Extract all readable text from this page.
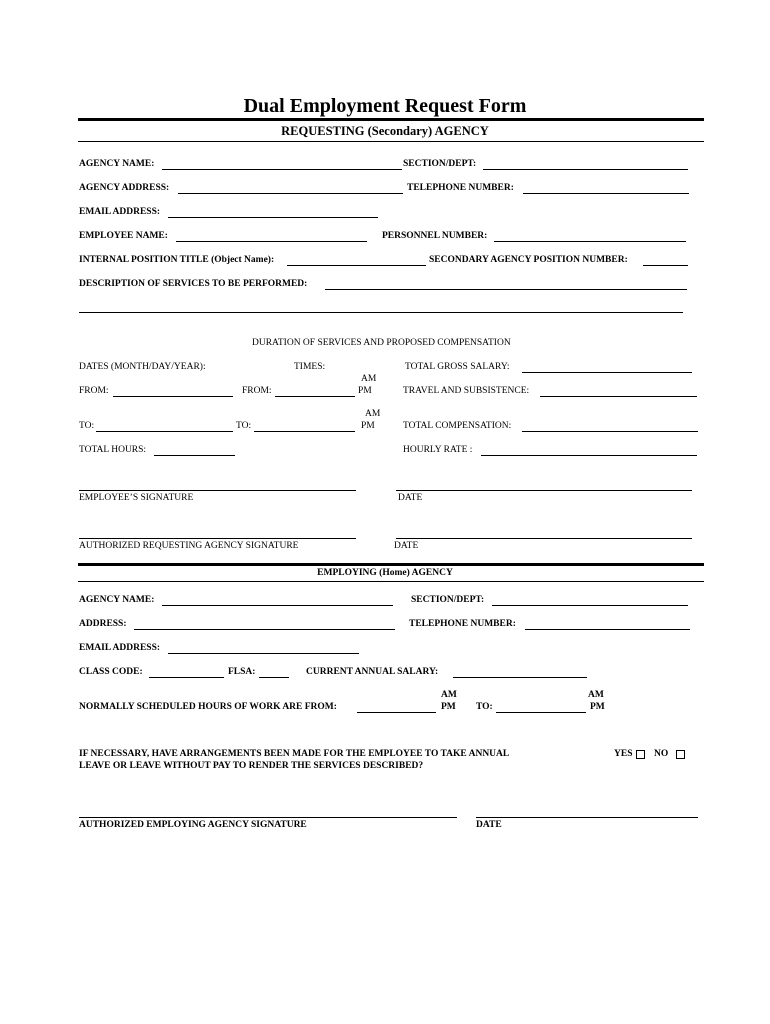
Dual Employment Request Form
REQUESTING (Secondary) AGENCY
AGENCY NAME:	SECTION/DEPT:
AGENCY ADDRESS:	TELEPHONE NUMBER:
EMAIL ADDRESS:
EMPLOYEE NAME:	PERSONNEL NUMBER:
INTERNAL POSITION TITLE (Object Name):	SECONDARY AGENCY POSITION NUMBER:
DESCRIPTION OF SERVICES TO BE PERFORMED:
DURATION OF SERVICES AND PROPOSED COMPENSATION
DATES (MONTH/DAY/YEAR):	TIMES:	TOTAL GROSS SALARY:
AM
FROM:	FROM:	PM	TRAVEL AND SUBSISTENCE:
AM
TO:	TO:	PM	TOTAL COMPENSATION:
TOTAL HOURS:	HOURLY RATE :
EMPLOYEE’S SIGNATURE	DATE
AUTHORIZED REQUESTING AGENCY SIGNATURE	DATE
EMPLOYING (Home) AGENCY
AGENCY NAME:	SECTION/DEPT:
ADDRESS:	TELEPHONE NUMBER:
EMAIL ADDRESS:
CLASS CODE:	FLSA:	CURRENT ANNUAL SALARY:
AM	AM
NORMALLY SCHEDULED HOURS OF WORK ARE FROM:	PM TO:	PM
IF NECESSARY, HAVE ARRANGEMENTS BEEN MADE FOR THE EMPLOYEE TO TAKE ANNUAL
LEAVE OR LEAVE WITHOUT PAY TO RENDER THE SERVICES DESCRIBED?
YES NO
AUTHORIZED EMPLOYING AGENCY SIGNATURE	DATE
